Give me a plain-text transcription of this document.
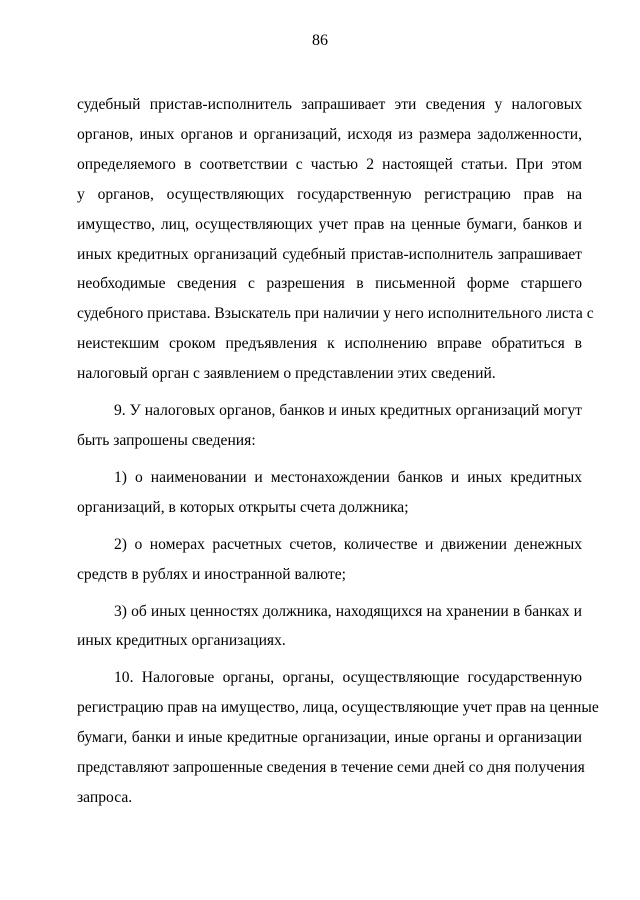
86
судебный пристав-исполнитель запрашивает эти сведения у налоговых
органов, иных органов и организаций, исходя из размера задолженности,
определяемого в соответствии с частью 2 настоящей статьи. При этом
у органов, осуществляющих государственную регистрацию прав на
имущество, лиц, осуществляющих учет прав на ценные бумаги, банков и
иных кредитных организаций судебный пристав-исполнитель запрашивает
необходимые сведения с разрешения в письменной форме старшего
судебного пристава. Взыскатель при наличии у него исполнительного листа с
неистекшим сроком предъявления к исполнению вправе обратиться в
налоговый орган с заявлением о представлении этих сведений.
9. У налоговых органов, банков и иных кредитных организаций могут
быть запрошены сведения:
1) о наименовании и местонахождении банков и иных кредитных
организаций, в которых открыты счета должника;
2) о номерах расчетных счетов, количестве и движении денежных
средств в рублях и иностранной валюте;
3) об иных ценностях должника, находящихся на хранении в банках и
иных кредитных организациях.
10. Налоговые органы, органы, осуществляющие государственную
регистрацию прав на имущество, лица, осуществляющие учет прав на ценные
бумаги, банки и иные кредитные организации, иные органы и организации
представляют запрошенные сведения в течение семи дней со дня получения
запроса.
